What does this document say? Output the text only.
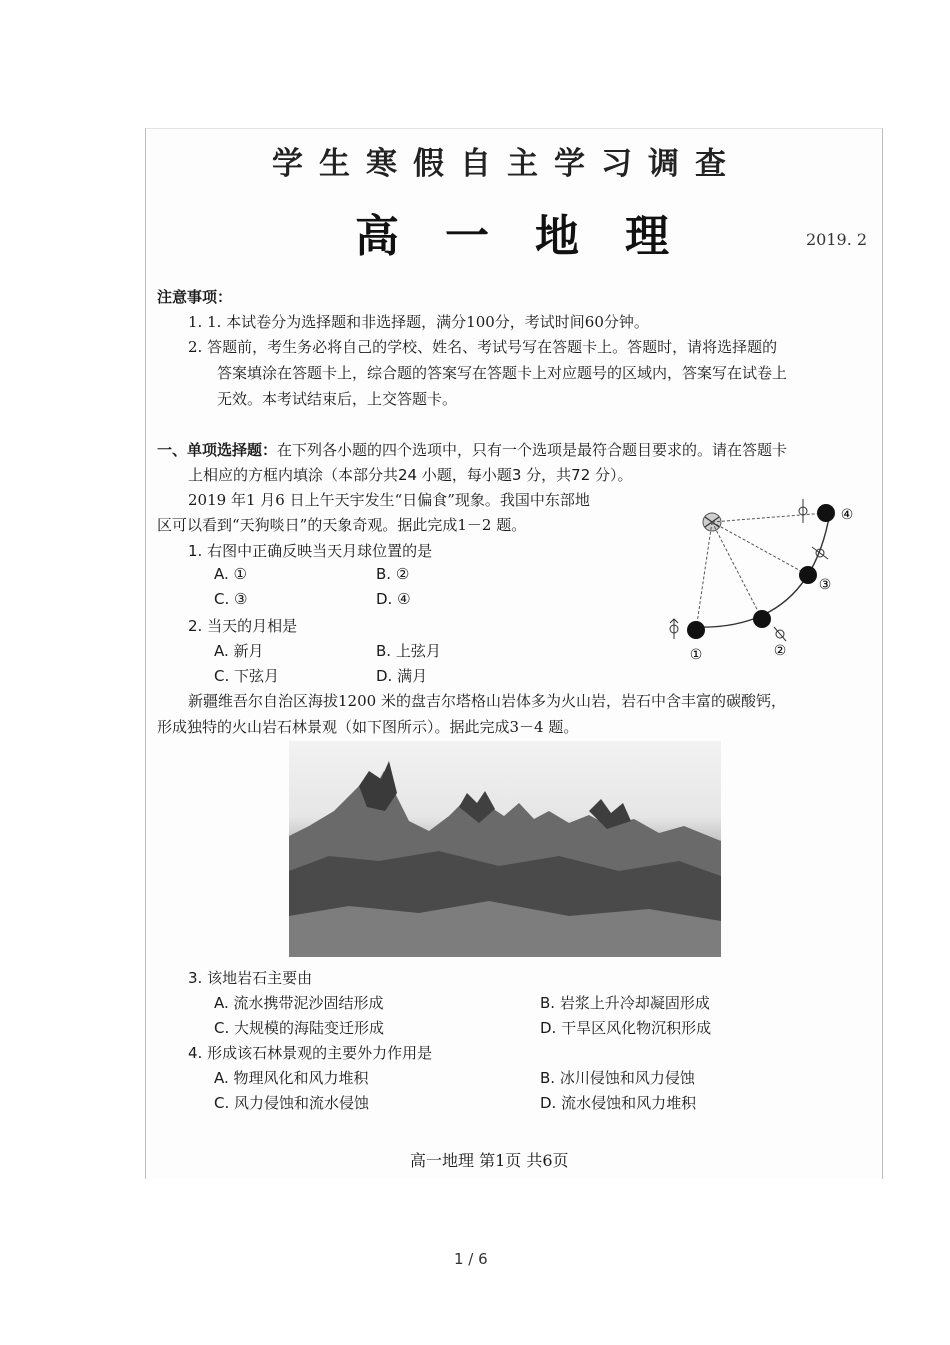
学生寒假自主学习调查
高一地理	2019. 2
注意事项：
1. 1. 本试卷分为选择题和非选择题，满分100分，考试时间60分钟。
2. 答题前，考生务必将自己的学校、姓名、考试号写在答题卡上。答题时，请将选择题的
答案填涂在答题卡上，综合题的答案写在答题卡上对应题号的区域内，答案写在试卷上
无效。本考试结束后，上交答题卡。
一、单项选择题：在下列各小题的四个选项中，只有一个选项是最符合题目要求的。请在答题卡
上相应的方框内填涂（本部分共24 小题，每小题3 分，共72 分）。
2019 年1 月6 日上午天宇发生“日偏食”现象。我国中东部地
区可以看到“天狗啖日”的天象奇观。据此完成1－2 题。
1. 右图中正确反映当天月球位置的是
A. ①	B. ②
C. ③	D. ④
2. 当天的月相是
A. 新月	B. 上弦月
C. 下弦月	D. 满月
①	②
③
④
新疆维吾尔自治区海拔1200 米的盘吉尔塔格山岩体多为火山岩，岩石中含丰富的碳酸钙，
形成独特的火山岩石林景观（如下图所示）。据此完成3－4 题。
3. 该地岩石主要由
A. 流水携带泥沙固结形成	B. 岩浆上升冷却凝固形成
C. 大规模的海陆变迁形成	D. 干旱区风化物沉积形成
4. 形成该石林景观的主要外力作用是
A. 物理风化和风力堆积	B. 冰川侵蚀和风力侵蚀
C. 风力侵蚀和流水侵蚀	D. 流水侵蚀和风力堆积
高一地理 第1页 共6页
1 / 6
